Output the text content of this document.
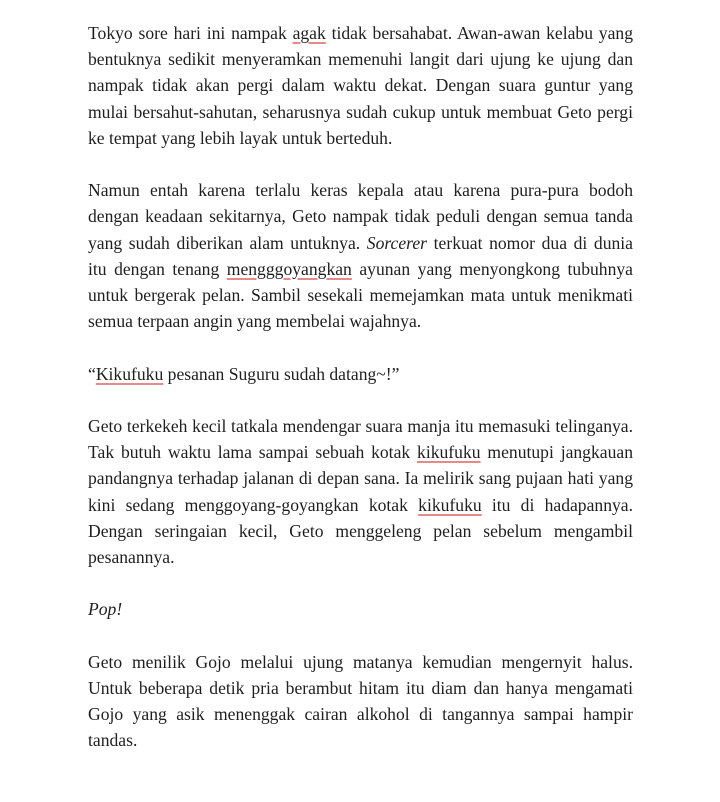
Tokyo sore hari ini nampak agak tidak bersahabat. Awan-awan kelabu yang bentuknya sedikit menyeramkan memenuhi langit dari ujung ke ujung dan nampak tidak akan pergi dalam waktu dekat. Dengan suara guntur yang mulai bersahut-sahutan, seharusnya sudah cukup untuk membuat Geto pergi ke tempat yang lebih layak untuk berteduh.

Namun entah karena terlalu keras kepala atau karena pura-pura bodoh dengan keadaan sekitarnya, Geto nampak tidak peduli dengan semua tanda yang sudah diberikan alam untuknya. Sorcerer terkuat nomor dua di dunia itu dengan tenang mengggoyangkan ayunan yang menyongkong tubuhnya untuk bergerak pelan. Sambil sesekali memejamkan mata untuk menikmati semua terpaan angin yang membelai wajahnya.

“Kikufuku pesanan Suguru sudah datang~!”

Geto terkekeh kecil tatkala mendengar suara manja itu memasuki telinganya. Tak butuh waktu lama sampai sebuah kotak kikufuku menutupi jangkauan pandangnya terhadap jalanan di depan sana. Ia melirik sang pujaan hati yang kini sedang menggoyang-goyangkan kotak kikufuku itu di hadapannya. Dengan seringaian kecil, Geto menggeleng pelan sebelum mengambil pesanannya.

Pop!

Geto menilik Gojo melalui ujung matanya kemudian mengernyit halus. Untuk beberapa detik pria berambut hitam itu diam dan hanya mengamati Gojo yang asik menenggak cairan alkohol di tangannya sampai hampir tandas.
